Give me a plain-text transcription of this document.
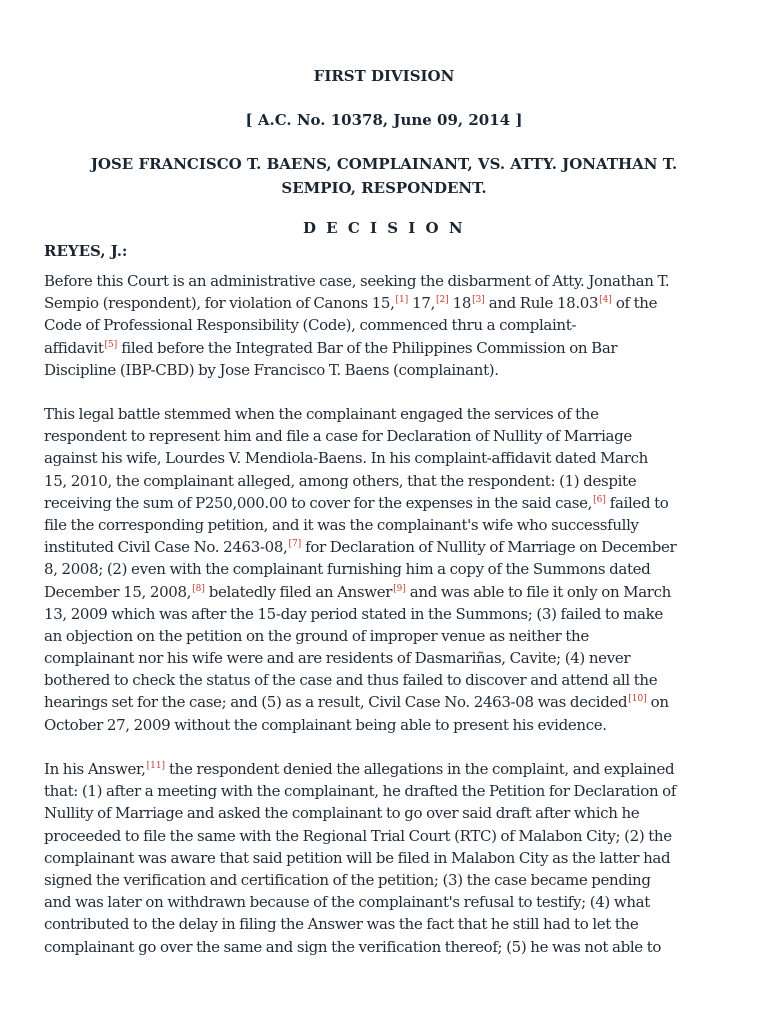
FIRST DIVISION
[ A.C. No. 10378, June 09, 2014 ]
JOSE FRANCISCO T. BAENS, COMPLAINANT, VS. ATTY. JONATHAN T.
SEMPIO, RESPONDENT.
D E C I S I O N
REYES, J.:
Before this Court is an administrative case, seeking the disbarment of Atty. Jonathan T.
Sempio (respondent), for violation of Canons 15,[1] 17,[2] 18[3] and Rule 18.03[4] of the
Code of Professional Responsibility (Code), commenced thru a complaint-
affidavit[5] filed before the Integrated Bar of the Philippines Commission on Bar
Discipline (IBP-CBD) by Jose Francisco T. Baens (complainant).
This legal battle stemmed when the complainant engaged the services of the
respondent to represent him and file a case for Declaration of Nullity of Marriage
against his wife, Lourdes V. Mendiola-Baens. In his complaint-affidavit dated March
15, 2010, the complainant alleged, among others, that the respondent: (1) despite
receiving the sum of P250,000.00 to cover for the expenses in the said case,[6] failed to
file the corresponding petition, and it was the complainant's wife who successfully
instituted Civil Case No. 2463-08,[7] for Declaration of Nullity of Marriage on December
8, 2008; (2) even with the complainant furnishing him a copy of the Summons dated
December 15, 2008,[8] belatedly filed an Answer[9] and was able to file it only on March
13, 2009 which was after the 15-day period stated in the Summons; (3) failed to make
an objection on the petition on the ground of improper venue as neither the
complainant nor his wife were and are residents of Dasmariñas, Cavite; (4) never
bothered to check the status of the case and thus failed to discover and attend all the
hearings set for the case; and (5) as a result, Civil Case No. 2463-08 was decided[10] on
October 27, 2009 without the complainant being able to present his evidence.
In his Answer,[11] the respondent denied the allegations in the complaint, and explained
that: (1) after a meeting with the complainant, he drafted the Petition for Declaration of
Nullity of Marriage and asked the complainant to go over said draft after which he
proceeded to file the same with the Regional Trial Court (RTC) of Malabon City; (2) the
complainant was aware that said petition will be filed in Malabon City as the latter had
signed the verification and certification of the petition; (3) the case became pending
and was later on withdrawn because of the complainant's refusal to testify; (4) what
contributed to the delay in filing the Answer was the fact that he still had to let the
complainant go over the same and sign the verification thereof; (5) he was not able to
